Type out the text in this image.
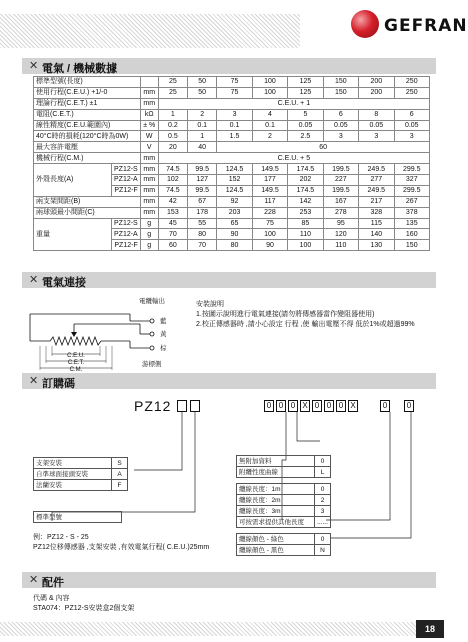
GEFRAN
✕ 電氣 / 機械數據
標準型號(長度)			25	50	75	100	125	150	200	250
使用行程(C.E.U.) +1/-0		mm	25	50	75	100	125	150	200	250
理論行程(C.E.T.) ±1		mm	C.E.U. + 1							
電阻(C.E.T.)		kΩ	1	2	3	4	5	6	8	6
線性精度(C.E.U.範圍內)		± %	0.2	0.1	0.1	0.1	0.05	0.05	0.05	0.05
40°C時的損耗(120°C時為0W)		W	0.5	1	1.5	2	2.5	3	3	3
最大容許電壓		V	20	40	60					
機械行程(C.M.)		mm	C.E.U. + 5							
外殼長度(A)	PZ12-S	mm	74.5	99.5	124.5	149.5	174.5	199.5	249.5	299.5
	PZ12-A	mm	102	127	152	177	202	227	277	327
	PZ12-F	mm	74.5	99.5	124.5	149.5	174.5	199.5	249.5	299.5
兩支架間距(B)		mm	42	67	92	117	142	167	217	267
兩球頭最小間距(C)		mm	153	178	203	228	253	278	328	378
重量	PZ12-S	g	45	55	65	75	85	95	115	135
	PZ12-A	g	70	80	90	100	110	120	140	160
	PZ12-F	g	60	70	80	90	100	110	130	150
✕ 電氣連接
C.E.U.
C.E.T.
C.M.
電纜輸出
藍
黃
棕
游標側
安裝說明
1.按圖示說明進行電氣連接(請勿將傳感器當作變阻器使用)
2.校正傳感器時 ,請小心設定 行程 ,使 輸出電壓不得 低於1%或超過99%
✕ 訂購碼
PZ12	0 0 0 X 0 0 0 X	0	0
支架安裝	S
自準球面接頭安裝	A
法蘭安裝	F
標準型號
無附加資料	0
附纜性度曲線	L
纜線長度：1m	0
纜線長度：2m	2
纜線長度：3m	3
可按需求提供其他長度	......
纜線顏色 - 綠色	0
纜線顏色 - 黑色	N
例：PZ12 - S - 25
PZ12位移傳感器 ,支架安裝 ,有效電氣行程( C.E.U.)25mm
✕ 配件
代碼 & 內容
STA074：PZ12-S安裝盒2個支架
18
